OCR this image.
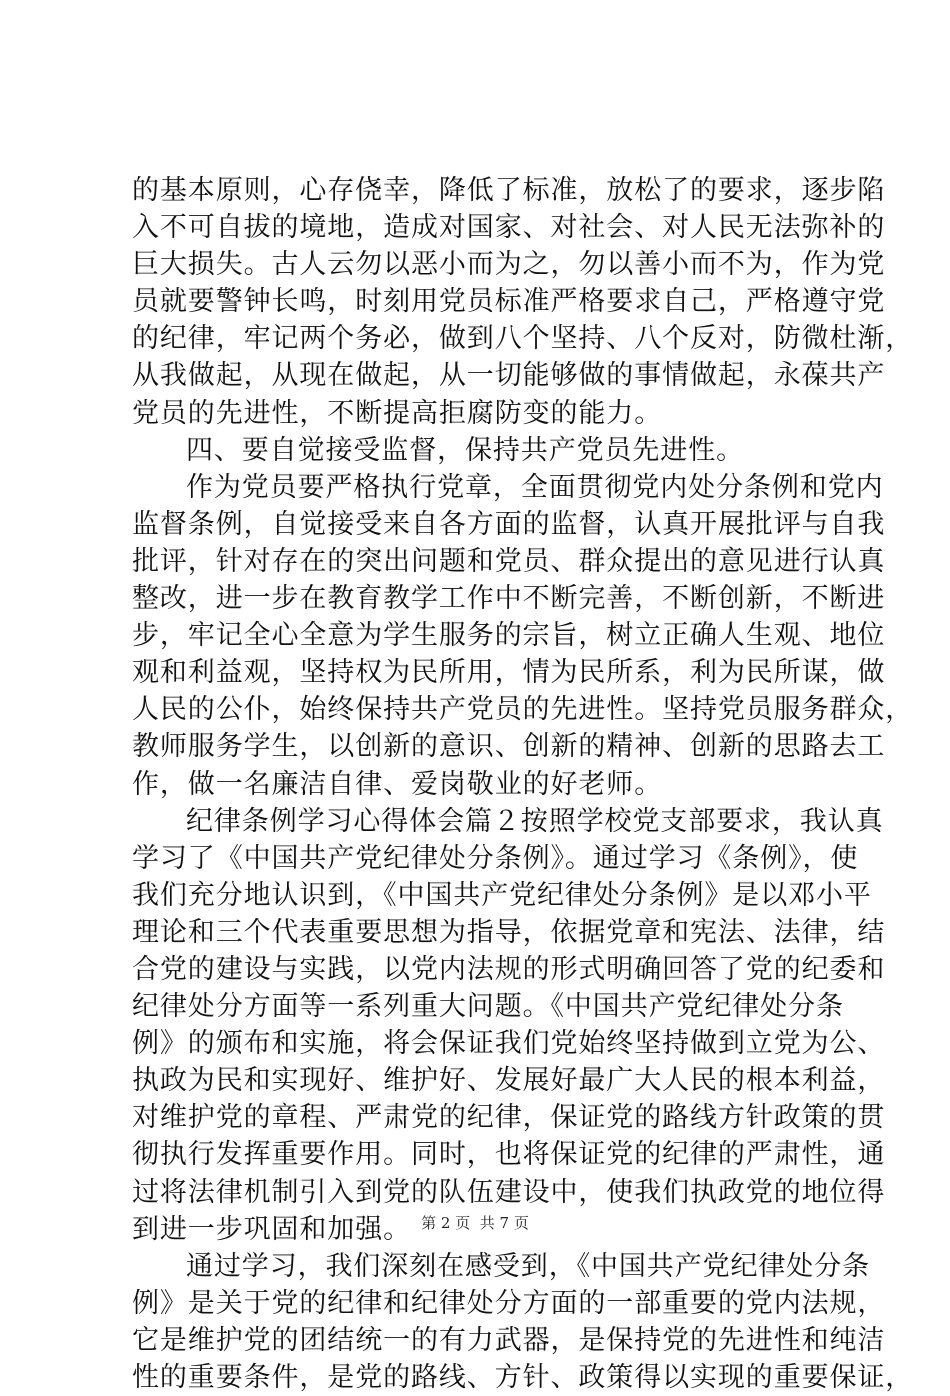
的基本原则，心存侥幸，降低了标准，放松了的要求，逐步陷
入不可自拔的境地，造成对国家、对社会、对人民无法弥补的
巨大损失。古人云勿以恶小而为之，勿以善小而不为，作为党
员就要警钟长鸣，时刻用党员标准严格要求自己，严格遵守党
的纪律，牢记两个务必，做到八个坚持、八个反对，防微杜渐，
从我做起，从现在做起，从一切能够做的事情做起，永葆共产
党员的先进性，不断提高拒腐防变的能力。
四、要自觉接受监督，保持共产党员先进性。
作为党员要严格执行党章，全面贯彻党内处分条例和党内
监督条例，自觉接受来自各方面的监督，认真开展批评与自我
批评，针对存在的突出问题和党员、群众提出的意见进行认真
整改，进一步在教育教学工作中不断完善，不断创新，不断进
步，牢记全心全意为学生服务的宗旨，树立正确人生观、地位
观和利益观，坚持权为民所用，情为民所系，利为民所谋，做
人民的公仆，始终保持共产党员的先进性。坚持党员服务群众，
教师服务学生，以创新的意识、创新的精神、创新的思路去工
作，做一名廉洁自律、爱岗敬业的好老师。
纪律条例学习心得体会篇２按照学校党支部要求，我认真
学习了《中国共产党纪律处分条例》。通过学习《条例》，使
我们充分地认识到，《中国共产党纪律处分条例》是以邓小平
理论和三个代表重要思想为指导，依据党章和宪法、法律，结
合党的建设与实践，以党内法规的形式明确回答了党的纪委和
纪律处分方面等一系列重大问题。《中国共产党纪律处分条
例》的颁布和实施，将会保证我们党始终坚持做到立党为公、
执政为民和实现好、维护好、发展好最广大人民的根本利益，
对维护党的章程、严肃党的纪律，保证党的路线方针政策的贯
彻执行发挥重要作用。同时，也将保证党的纪律的严肃性，通
过将法律机制引入到党的队伍建设中，使我们执政党的地位得
到进一步巩固和加强。
通过学习，我们深刻在感受到，《中国共产党纪律处分条
例》是关于党的纪律和纪律处分方面的一部重要的党内法规，
它是维护党的团结统一的有力武器，是保持党的先进性和纯洁
性的重要条件，是党的路线、方针、政策得以实现的重要保证，
第 2 页  共 7 页
